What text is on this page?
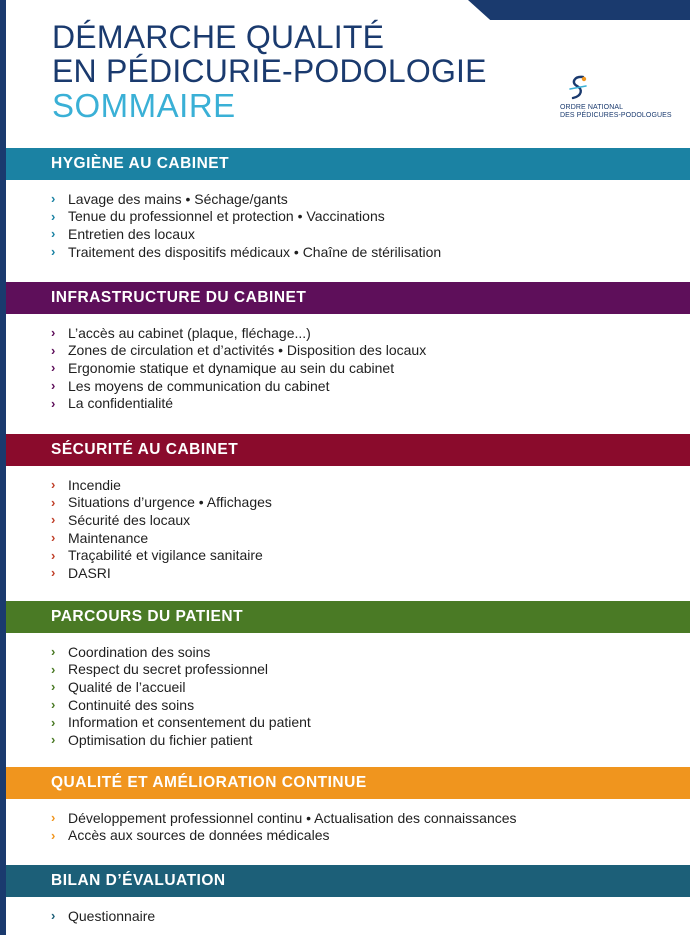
DÉMARCHE QUALITÉ
EN PÉDICURIE-PODOLOGIE
SOMMAIRE	ORDRE NATIONAL
DES PÉDICURES-PODOLOGUES
HYGIÈNE AU CABINET
› Lavage des mains • Séchage/gants
› Tenue du professionnel et protection • Vaccinations
› Entretien des locaux
› Traitement des dispositifs médicaux • Chaîne de stérilisation
INFRASTRUCTURE DU CABINET
› L’accès au cabinet (plaque, fléchage...)
› Zones de circulation et d’activités • Disposition des locaux
› Ergonomie statique et dynamique au sein du cabinet
› Les moyens de communication du cabinet
› La confidentialité
SÉCURITÉ AU CABINET
› Incendie
› Situations d’urgence • Affichages
› Sécurité des locaux
› Maintenance
› Traçabilité et vigilance sanitaire
› DASRI
PARCOURS DU PATIENT
› Coordination des soins
› Respect du secret professionnel
› Qualité de l’accueil
› Continuité des soins
› Information et consentement du patient
› Optimisation du fichier patient
QUALITÉ ET AMÉLIORATION CONTINUE
› Développement professionnel continu • Actualisation des connaissances
› Accès aux sources de données médicales
BILAN D’ÉVALUATION
› Questionnaire
